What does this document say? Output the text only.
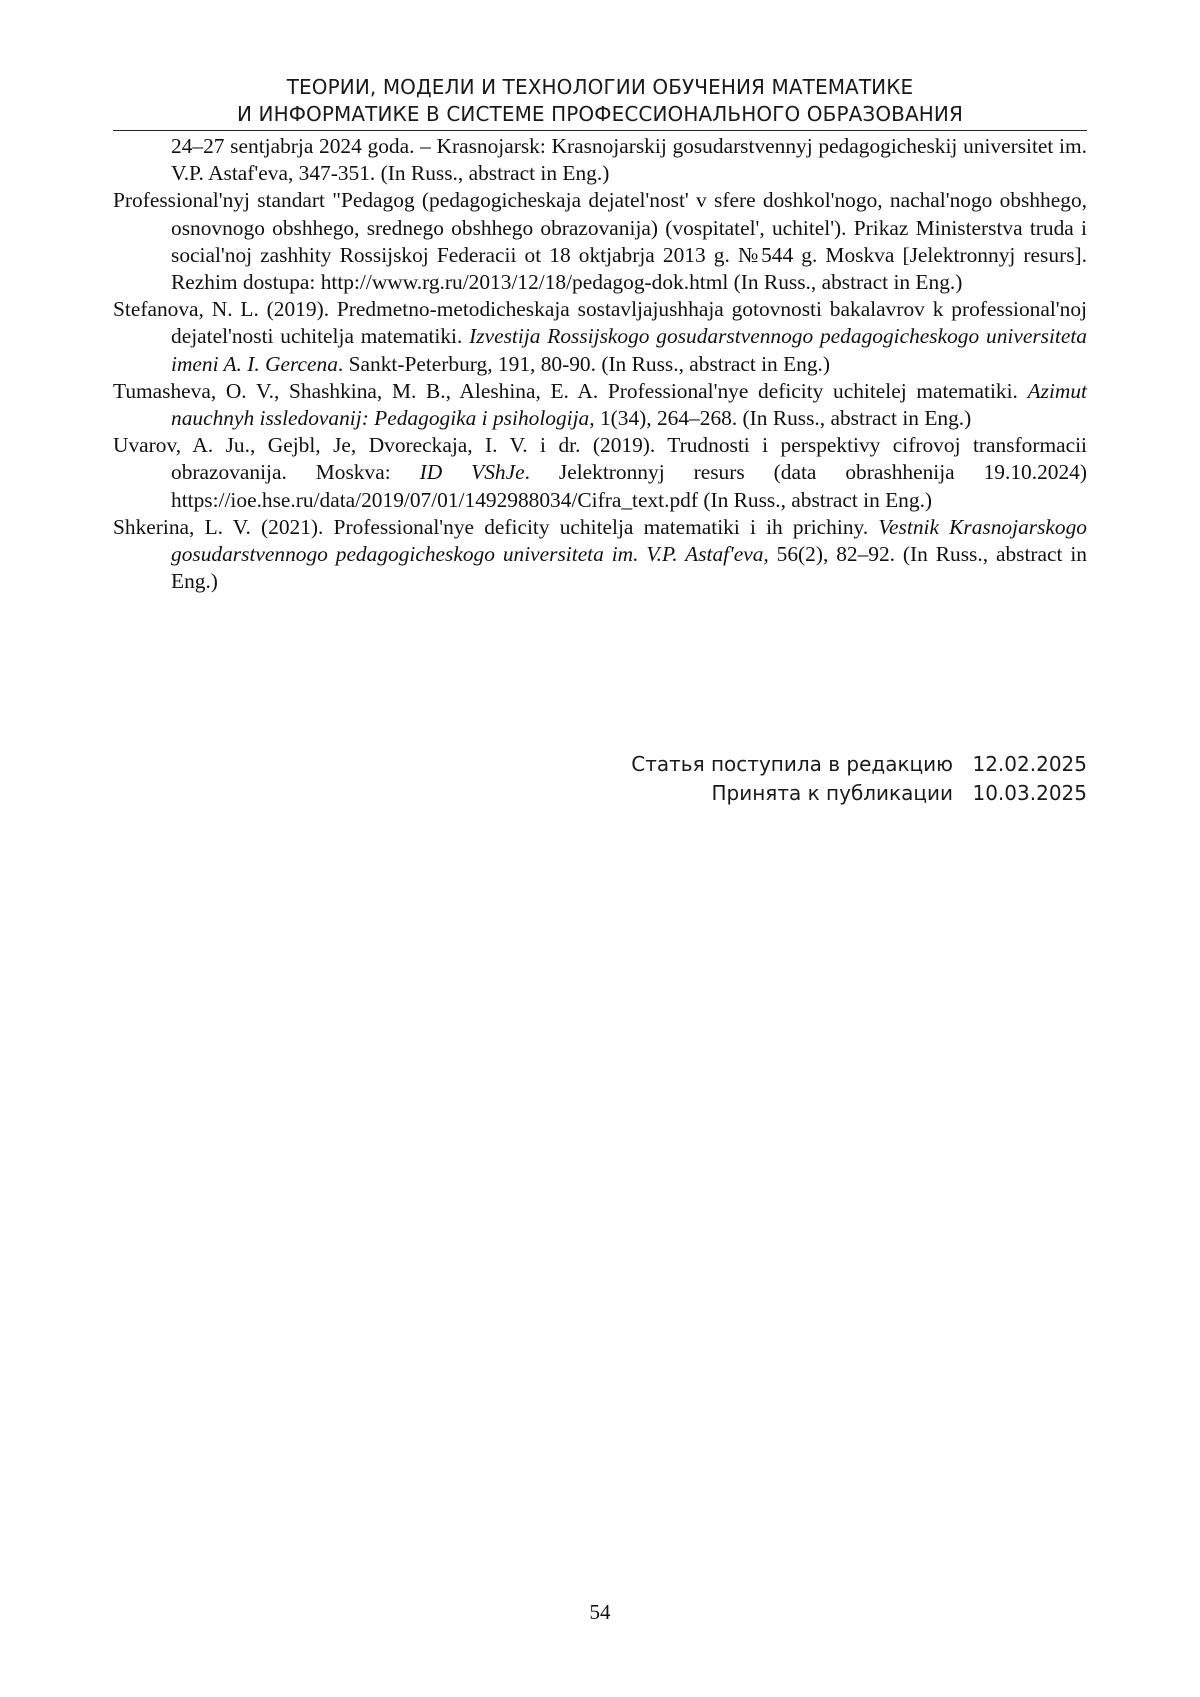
ТЕОРИИ, МОДЕЛИ И ТЕХНОЛОГИИ ОБУЧЕНИЯ МАТЕМАТИКЕ
И ИНФОРМАТИКЕ В СИСТЕМЕ ПРОФЕССИОНАЛЬНОГО ОБРАЗОВАНИЯ

24–27 sentjabrja 2024 goda. – Krasnojarsk: Krasnojarskij gosudarstvennyj pedagogicheskij universitet im. V.P. Astaf'eva, 347-351. (In Russ., abstract in Eng.)

Professional'nyj standart "Pedagog (pedagogicheskaja dejatel'nost' v sfere doshkol'nogo, nachal'nogo obshhego, osnovnogo obshhego, srednego obshhego obrazovanija) (vospitatel', uchitel'). Prikaz Ministerstva truda i social'noj zashhity Rossijskoj Federacii ot 18 oktjabrja 2013 g. №544 g. Moskva [Jelektronnyj resurs]. Rezhim dostupa: http://www.rg.ru/2013/12/18/pedagog-dok.html (In Russ., abstract in Eng.)

Stefanova, N. L. (2019). Predmetno-metodicheskaja sostavljajushhaja gotovnosti bakalavrov k professional'noj dejatel'nosti uchitelja matematiki. Izvestija Rossijskogo gosudarstvennogo pedagogicheskogo universiteta imeni A. I. Gercena. Sankt-Peterburg, 191, 80-90. (In Russ., abstract in Eng.)

Tumasheva, O. V., Shashkina, M. B., Aleshina, E. A. Professional'nye deficity uchitelej matematiki. Azimut nauchnyh issledovanij: Pedagogika i psihologija, 1(34), 264–268. (In Russ., abstract in Eng.)

Uvarov, A. Ju., Gejbl, Je, Dvoreckaja, I. V. i dr. (2019). Trudnosti i perspektivy cifrovoj transformacii obrazovanija. Moskva: ID VShJe. Jelektronnyj resurs (data obrashhenija 19.10.2024) https://ioe.hse.ru/data/2019/07/01/1492988034/Cifra_text.pdf (In Russ., abstract in Eng.)

Shkerina, L. V. (2021). Professional'nye deficity uchitelja matematiki i ih prichiny. Vestnik Krasnojarskogo gosudarstvennogo pedagogicheskogo universiteta im. V.P. Astaf'eva, 56(2), 82–92. (In Russ., abstract in Eng.)

Статья поступила в редакцию 12.02.2025
Принята к публикации 10.03.2025
54
